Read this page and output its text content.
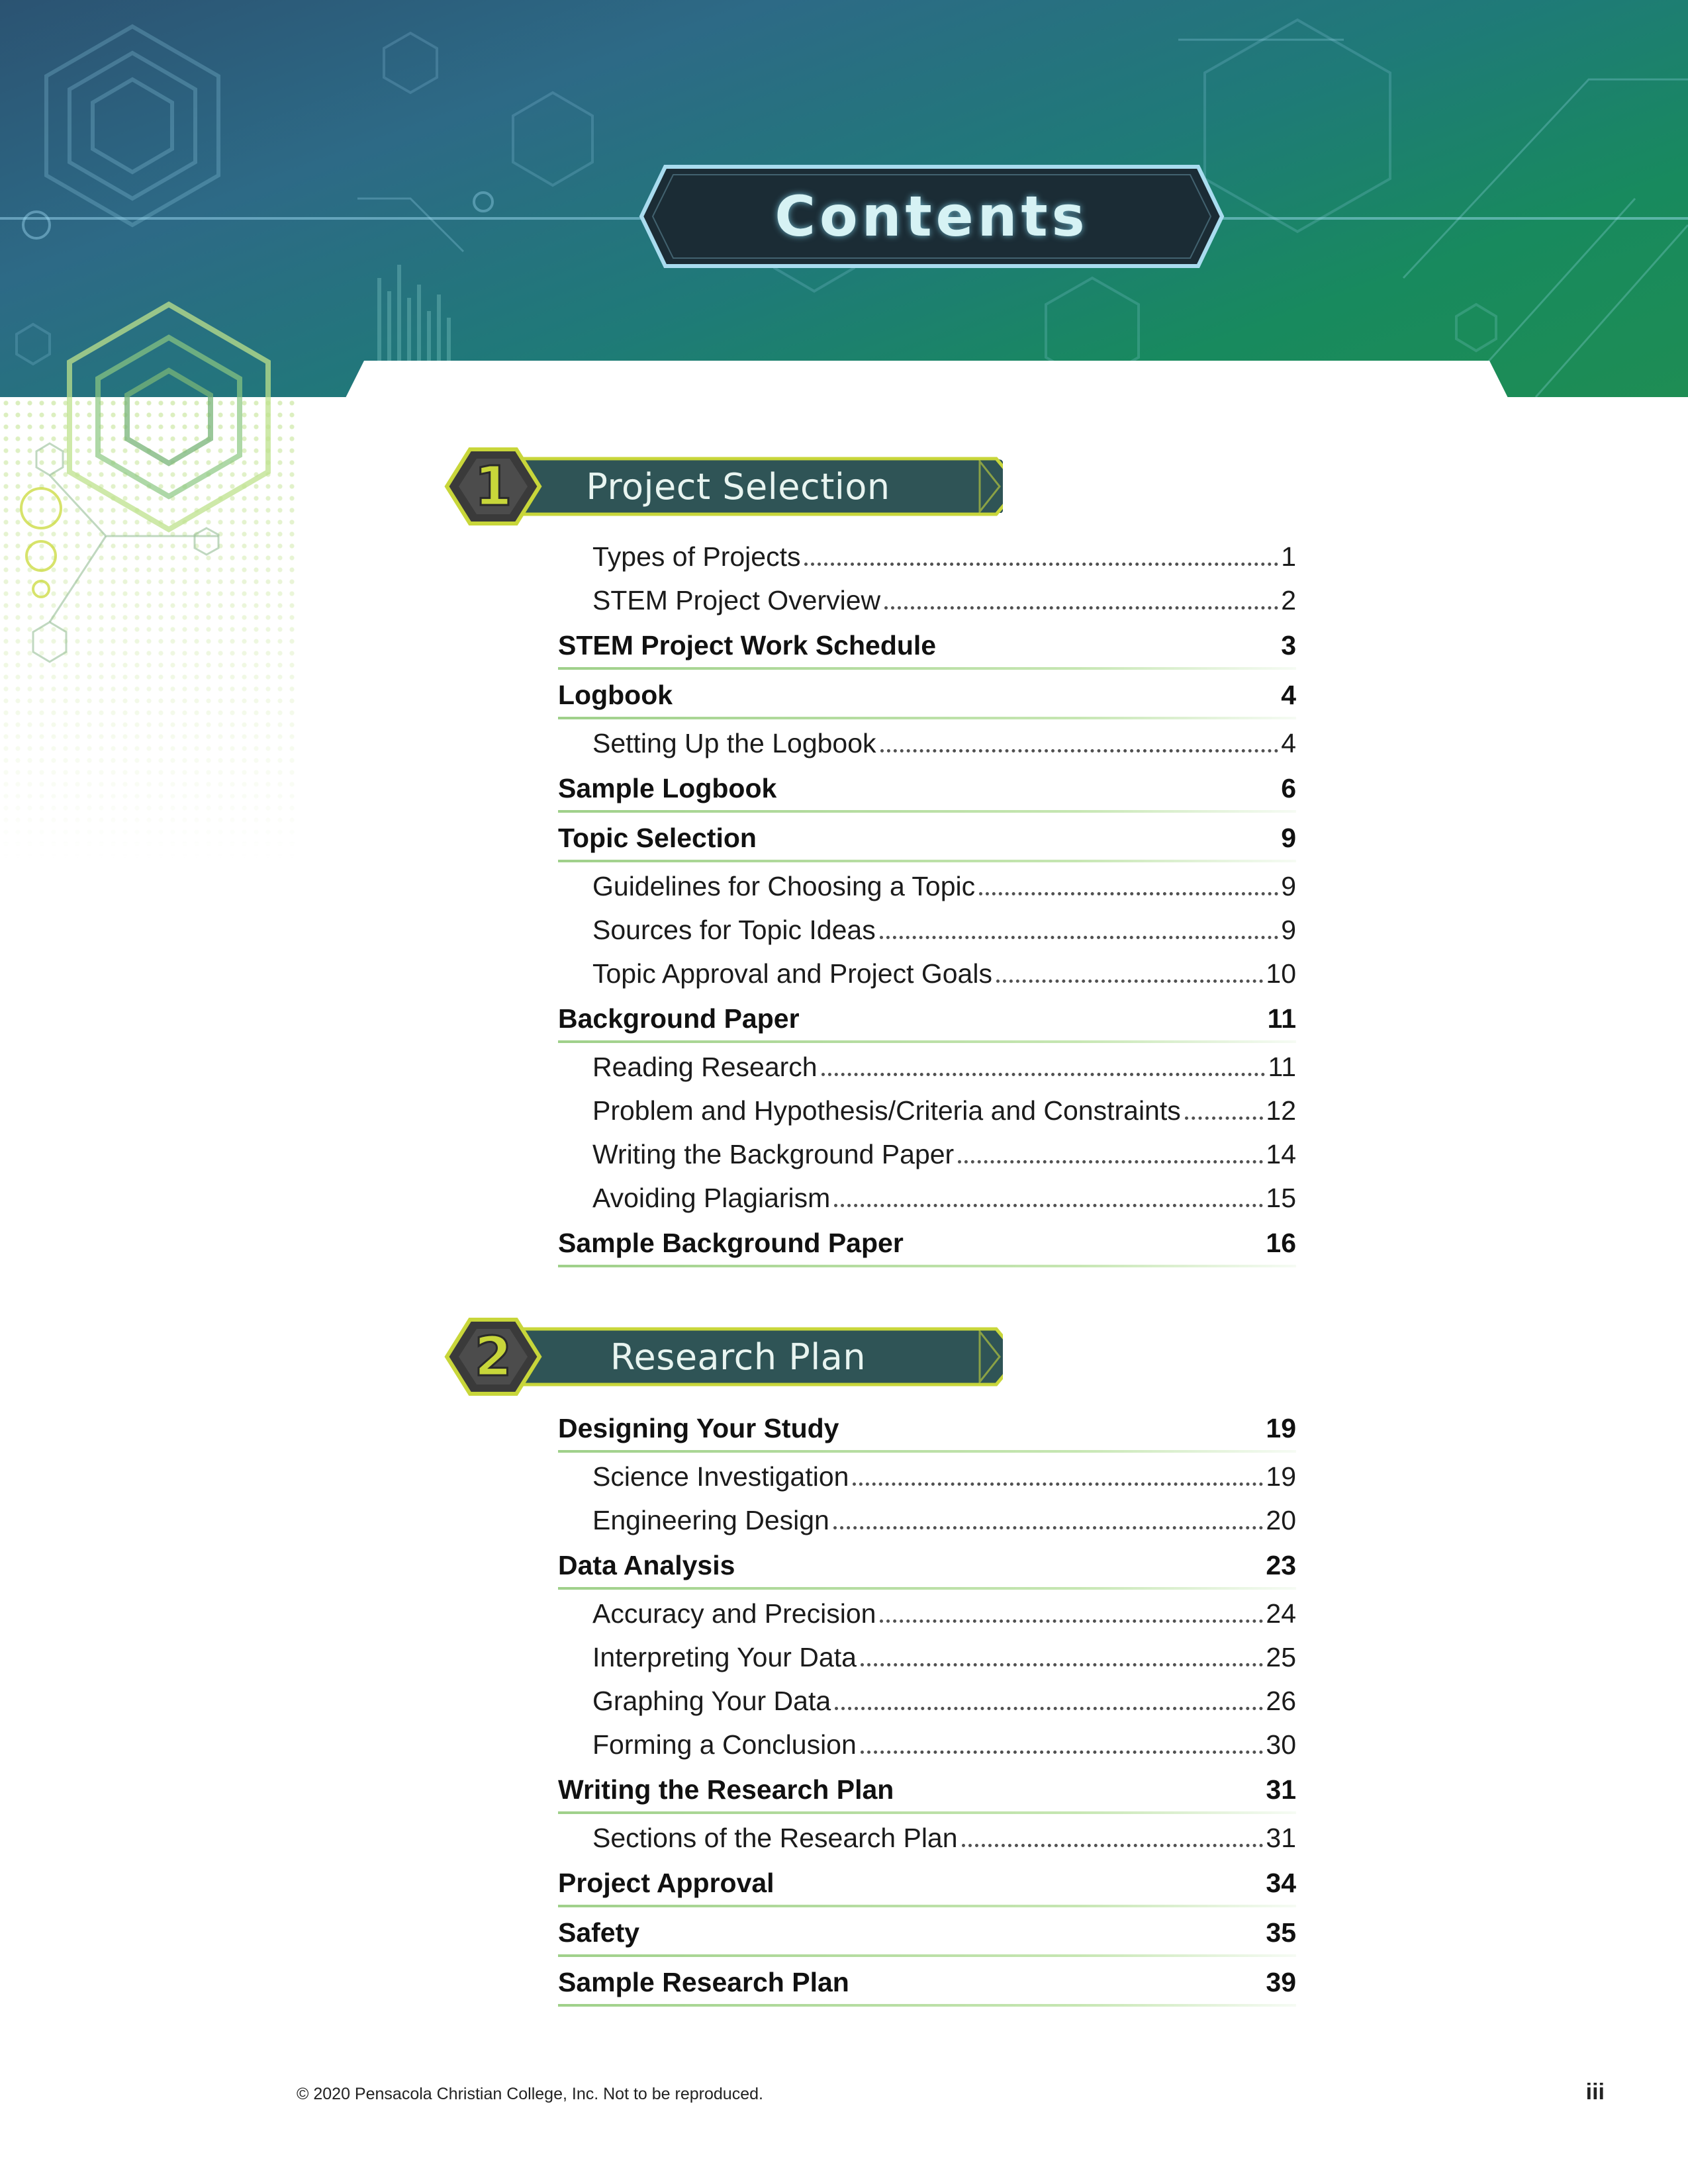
Contents
1	Project Selection
Types of Projects	1
STEM Project Overview	2
STEM Project Work Schedule	3
Logbook	4
Setting Up the Logbook	4
Sample Logbook	6
Topic Selection	9
Guidelines for Choosing a Topic	9
Sources for Topic Ideas	9
Topic Approval and Project Goals	10
Background Paper	11
Reading Research	11
Problem and Hypothesis/Criteria and Constraints	12
Writing the Background Paper	14
Avoiding Plagiarism	15
Sample Background Paper	16
2	Research Plan
Designing Your Study	19
Science Investigation	19
Engineering Design	20
Data Analysis	23
Accuracy and Precision	24
Interpreting Your Data	25
Graphing Your Data	26
Forming a Conclusion	30
Writing the Research Plan	31
Sections of the Research Plan	31
Project Approval	34
Safety	35
Sample Research Plan	39
© 2020 Pensacola Christian College, Inc. Not to be reproduced.	iii
